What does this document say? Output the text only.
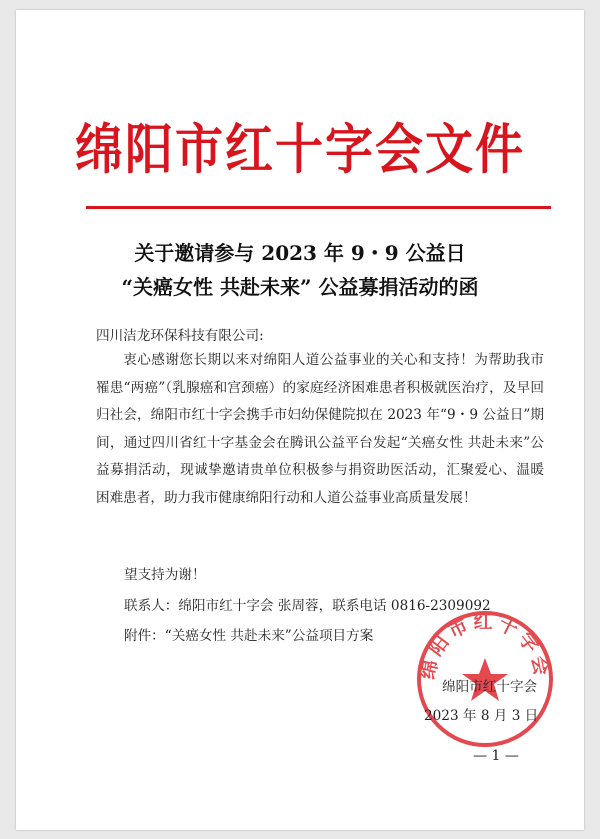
绵阳市红十字会文件
关于邀请参与 2023 年 9・9 公益日
“关癌女性 共赴未来” 公益募捐活动的函
四川洁龙环保科技有限公司:
衷心感谢您长期以来对绵阳人道公益事业的关心和支持！为帮助我市罹患“两癌”（乳腺癌和宫颈癌）的家庭经济困难患者积极就医治疗，及早回归社会，绵阳市红十字会携手市妇幼保健院拟在 2023 年“9・9 公益日”期间，通过四川省红十字基金会在腾讯公益平台发起“关癌女性 共赴未来”公益募捐活动，现诚挚邀请贵单位积极参与捐资助医活动，汇聚爱心、温暖困难患者，助力我市健康绵阳行动和人道公益事业高质量发展！
望支持为谢！
联系人：绵阳市红十字会 张周蓉，联系电话 0816-2309092
附件：“关癌女性 共赴未来”公益项目方案
绵阳市红十字会
绵阳市红十字会
2023 年 8 月 3 日
— 1 —
